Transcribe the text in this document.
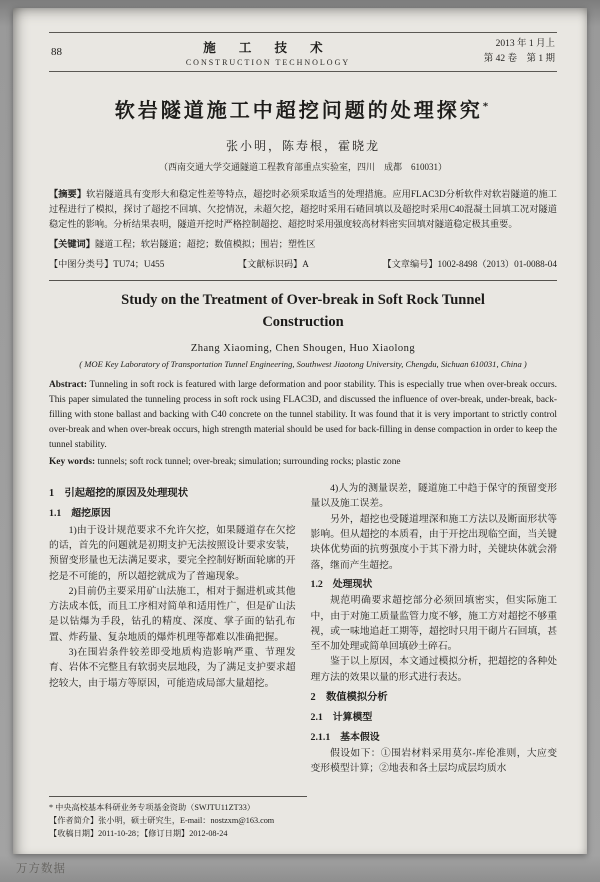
88	施 工 技 术
CONSTRUCTION TECHNOLOGY
2013 年 1 月上
第 42 卷　第 1 期
软岩隧道施工中超挖问题的处理探究*
张小明，陈寿根，霍晓龙
（西南交通大学交通隧道工程教育部重点实验室，四川　成都　610031）
【摘要】软岩隧道具有变形大和稳定性差等特点，超挖时必须采取适当的处理措施。应用FLAC3D分析软件对软岩隧道的施工过程进行了模拟，探讨了超挖不回填、欠挖情况，未超欠挖，超挖时采用石碴回填以及超挖时采用C40混凝土回填工况对隧道稳定性的影响。分析结果表明，隧道开挖时严格控制超挖、超挖时采用强度较高材料密实回填对隧道稳定极其重要。
【关键词】隧道工程；软岩隧道；超挖；数值模拟；围岩；塑性区
【中图分类号】TU74；U455	【文献标识码】A	【文章编号】1002-8498（2013）01-0088-04
Study on the Treatment of Over-break in Soft Rock Tunnel Construction
Zhang Xiaoming, Chen Shougen, Huo Xiaolong
( MOE Key Laboratory of Transportation Tunnel Engineering, Southwest Jiaotong University, Chengdu, Sichuan 610031, China )
Abstract: Tunneling in soft rock is featured with large deformation and poor stability. This is especially true when over-break occurs. This paper simulated the tunneling process in soft rock using FLAC3D, and discussed the influence of over-break, under-break, back-filling with stone ballast and backing with C40 concrete on the tunnel stability. It was found that it is very important to strictly control over-break and when over-break occurs, high strength material should be used for back-filling in dense compaction in order to keep the tunnel stability.
Key words: tunnels; soft rock tunnel; over-break; simulation; surrounding rocks; plastic zone
1　引起超挖的原因及处理现状
1.1　超挖原因

1)由于设计规范要求不允许欠挖，如果隧道存在欠挖的话，首先的问题就是初期支护无法按照设计要求安装，预留变形量也无法满足要求，要完全控制好断面轮廓的开挖是不可能的，所以超挖就成为了普遍现象。

2)目前仍主要采用矿山法施工，相对于掘进机或其他方法成本低，而且工序相对简单和适用性广，但是矿山法是以钻爆为手段，钻孔的精度、深度、掌子面的钻孔布置、炸药量、复杂地质的爆炸机理等都难以准确把握。

3)在围岩条件较差即受地质构造影响严重、节理发育、岩体不完整且有软弱夹层地段，为了满足支护要求超挖较大，由于塌方等原因，可能造成局部大量超挖。

4)人为的测量误差，隧道施工中趋于保守的预留变形量以及施工误差。

另外，超挖也受隧道埋深和施工方法以及断面形状等影响。但从超挖的本质看，由于开挖出现临空面，当关键块体优势面的抗剪强度小于其下滑力时，关键块体就会滑落，继而产生超挖。

1.2　处理现状

规范明确要求超挖部分必须回填密实，但实际施工中，由于对施工质量监管力度不够，施工方对超挖不够重视，或一味地追赶工期等，超挖时只用干砌片石回填，甚至不加处理或简单回填砂土碎石。

鉴于以上原因，本文通过模拟分析，把超挖的各种处理方法的效果以量的形式进行表达。

2　数值模拟分析
2.1　计算模型
2.1.1　基本假设

假设如下：①围岩材料采用莫尔-库伦准则，大应变变形模型计算；②地表和各土层均成层均质水

* 中央高校基本科研业务专项基金资助（SWJTU11ZT33）
【作者简介】张小明，硕士研究生，E-mail：nostzxm@163.com
【收稿日期】2011-10-28；【修订日期】2012-08-24
万方数据
